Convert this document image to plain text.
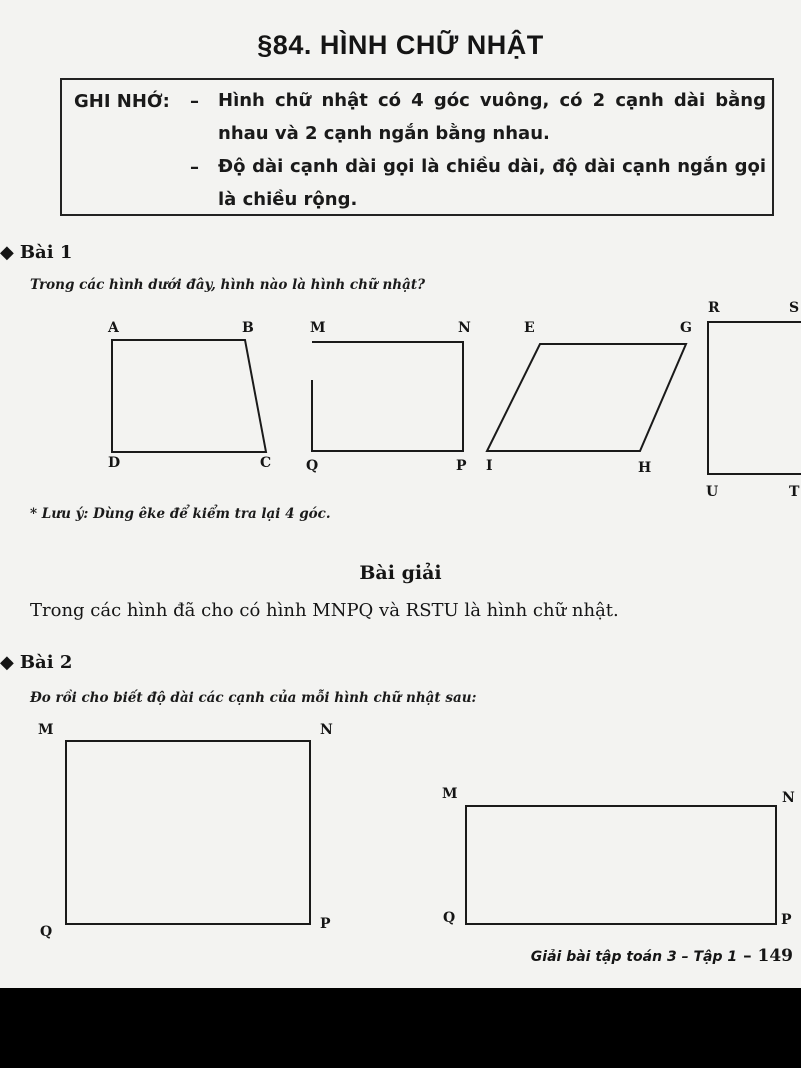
§84. HÌNH CHỮ NHẬT
GHI NHỚ: – Hình chữ nhật có 4 góc vuông, có 2 cạnh dài bằng nhau và 2 cạnh ngắn bằng nhau.
– Độ dài cạnh dài gọi là chiều dài, độ dài cạnh ngắn gọi là chiều rộng.
◆ Bài 1
Trong các hình dưới đây, hình nào là hình chữ nhật?
A	B
C
D
M	N
P
Q
E	G
H
I
R	S
T
U
* Lưu ý: Dùng êke để kiểm tra lại 4 góc.
Bài giải
Trong các hình đã cho có hình MNPQ và RSTU là hình chữ nhật.
◆ Bài 2
Đo rồi cho biết độ dài các cạnh của mỗi hình chữ nhật sau:
M	N
P
Q
M	N
P
Q
Giải bài tập toán 3 – Tập 1 – 149
